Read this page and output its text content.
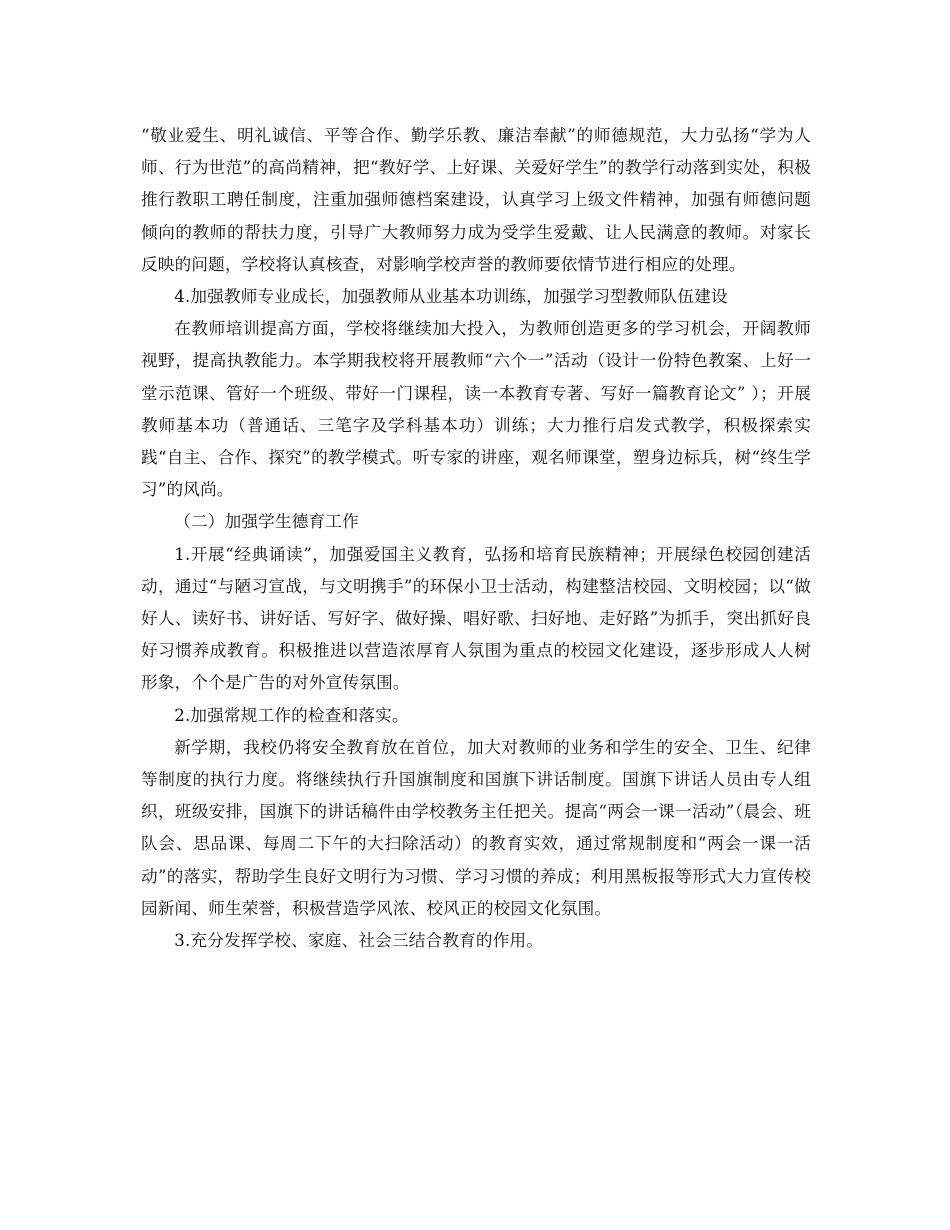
“敬业爱生、明礼诚信、平等合作、勤学乐教、廉洁奉献”的师德规范，大力弘扬“学为人师、行为世范”的高尚精神，把“教好学、上好课、关爱好学生”的教学行动落到实处，积极推行教职工聘任制度，注重加强师德档案建设，认真学习上级文件精神，加强有师德问题倾向的教师的帮扶力度，引导广大教师努力成为受学生爱戴、让人民满意的教师。对家长反映的问题，学校将认真核查，对影响学校声誉的教师要依情节进行相应的处理。

4.加强教师专业成长，加强教师从业基本功训练，加强学习型教师队伍建设

在教师培训提高方面，学校将继续加大投入，为教师创造更多的学习机会，开阔教师视野，提高执教能力。本学期我校将开展教师“六个一”活动（设计一份特色教案、上好一堂示范课、管好一个班级、带好一门课程，读一本教育专著、写好一篇教育论文” ）；开展教师基本功（普通话、三笔字及学科基本功）训练；大力推行启发式教学，积极探索实践“自主、合作、探究”的教学模式。听专家的讲座，观名师课堂，塑身边标兵，树“终生学习”的风尚。

（二）加强学生德育工作

1.开展“经典诵读”，加强爱国主义教育，弘扬和培育民族精神；开展绿色校园创建活动，通过“与陋习宣战，与文明携手”的环保小卫士活动，构建整洁校园、文明校园；以“做好人、读好书、讲好话、写好字、做好操、唱好歌、扫好地、走好路”为抓手，突出抓好良好习惯养成教育。积极推进以营造浓厚育人氛围为重点的校园文化建设，逐步形成人人树形象，个个是广告的对外宣传氛围。

2.加强常规工作的检查和落实。

新学期，我校仍将安全教育放在首位，加大对教师的业务和学生的安全、卫生、纪律等制度的执行力度。将继续执行升国旗制度和国旗下讲话制度。国旗下讲话人员由专人组织，班级安排，国旗下的讲话稿件由学校教务主任把关。提高“两会一课一活动”（晨会、班队会、思品课、每周二下午的大扫除活动）的教育实效，通过常规制度和“两会一课一活动”的落实，帮助学生良好文明行为习惯、学习习惯的养成；利用黑板报等形式大力宣传校园新闻、师生荣誉，积极营造学风浓、校风正的校园文化氛围。

3.充分发挥学校、家庭、社会三结合教育的作用。
